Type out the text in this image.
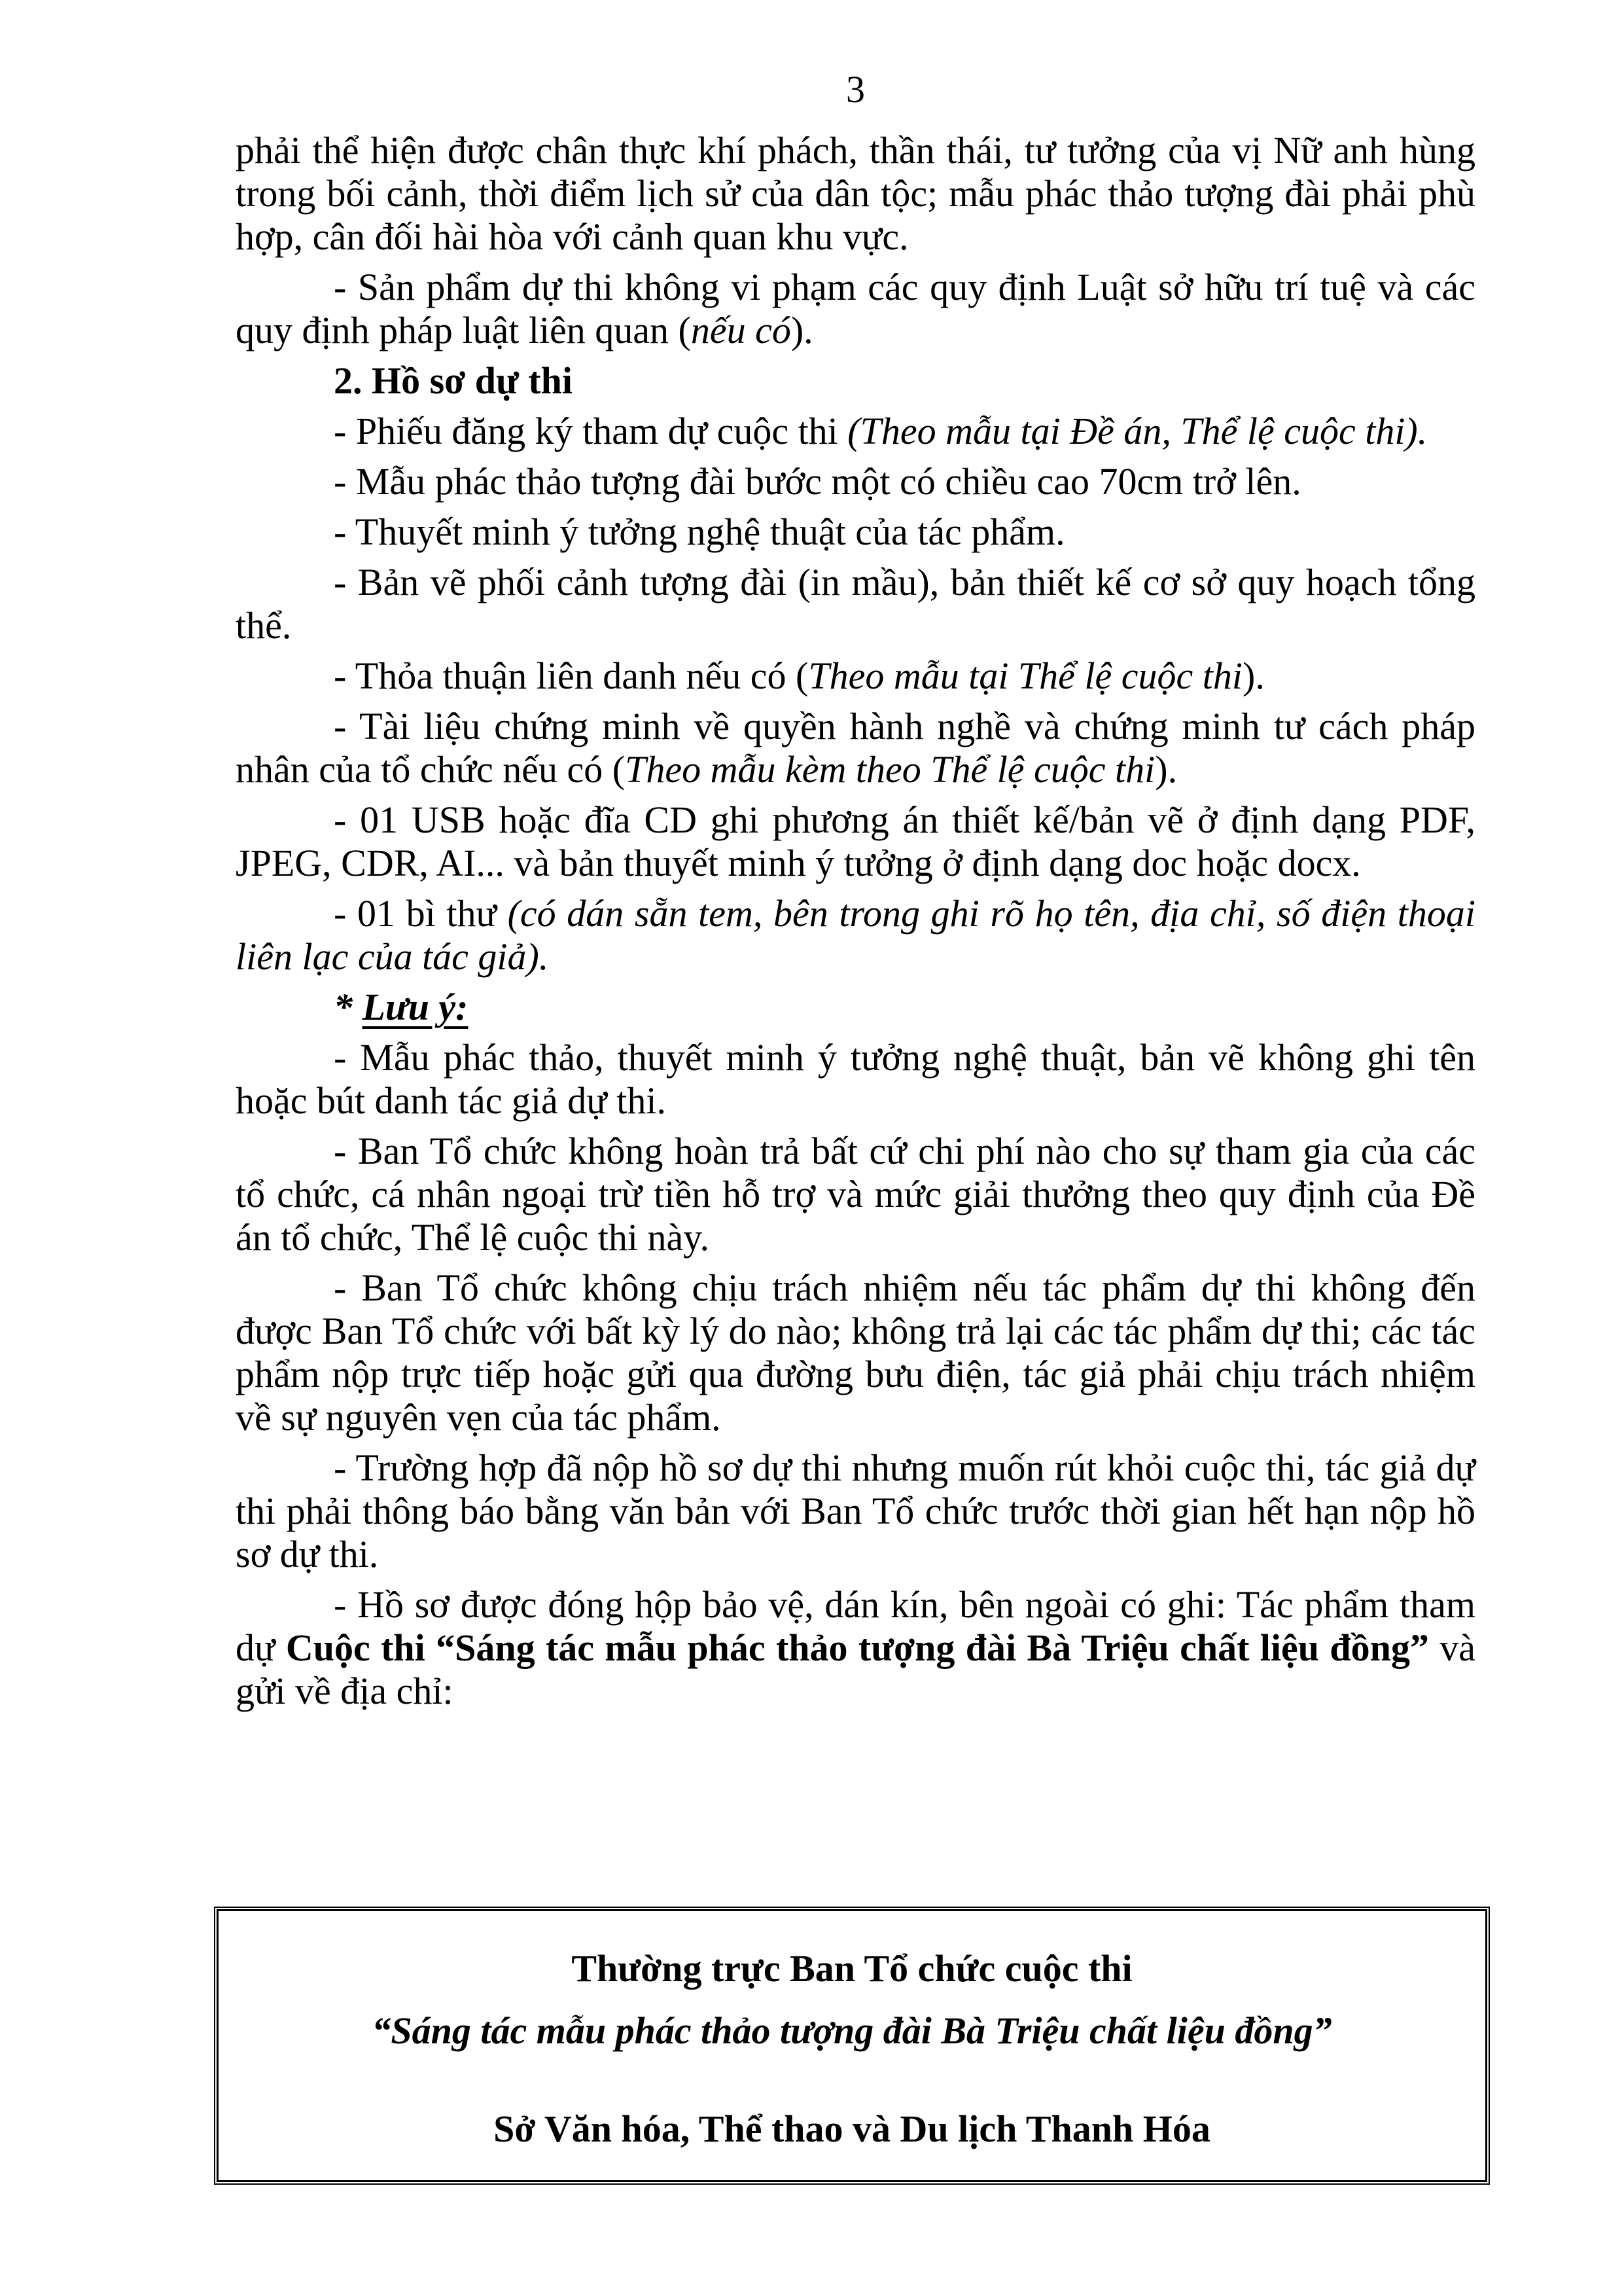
3

phải thể hiện được chân thực khí phách, thần thái, tư tưởng của vị Nữ anh hùng trong bối cảnh, thời điểm lịch sử của dân tộc; mẫu phác thảo tượng đài phải phù hợp, cân đối hài hòa với cảnh quan khu vực.

- Sản phẩm dự thi không vi phạm các quy định Luật sở hữu trí tuệ và các quy định pháp luật liên quan (nếu có).

2. Hồ sơ dự thi

- Phiếu đăng ký tham dự cuộc thi (Theo mẫu tại Đề án, Thể lệ cuộc thi).

- Mẫu phác thảo tượng đài bước một có chiều cao 70cm trở lên.

- Thuyết minh ý tưởng nghệ thuật của tác phẩm.

- Bản vẽ phối cảnh tượng đài (in mầu), bản thiết kế cơ sở quy hoạch tổng thể.

- Thỏa thuận liên danh nếu có (Theo mẫu tại Thể lệ cuộc thi).

- Tài liệu chứng minh về quyền hành nghề và chứng minh tư cách pháp nhân của tổ chức nếu có (Theo mẫu kèm theo Thể lệ cuộc thi).

- 01 USB hoặc đĩa CD ghi phương án thiết kế/bản vẽ ở định dạng PDF, JPEG, CDR, AI... và bản thuyết minh ý tưởng ở định dạng doc hoặc docx.

- 01 bì thư (có dán sẵn tem, bên trong ghi rõ họ tên, địa chỉ, số điện thoại liên lạc của tác giả).

* Lưu ý:

- Mẫu phác thảo, thuyết minh ý tưởng nghệ thuật, bản vẽ không ghi tên hoặc bút danh tác giả dự thi.

- Ban Tổ chức không hoàn trả bất cứ chi phí nào cho sự tham gia của các tổ chức, cá nhân ngoại trừ tiền hỗ trợ và mức giải thưởng theo quy định của Đề án tổ chức, Thể lệ cuộc thi này.

- Ban Tổ chức không chịu trách nhiệm nếu tác phẩm dự thi không đến được Ban Tổ chức với bất kỳ lý do nào; không trả lại các tác phẩm dự thi; các tác phẩm nộp trực tiếp hoặc gửi qua đường bưu điện, tác giả phải chịu trách nhiệm về sự nguyên vẹn của tác phẩm.

- Trường hợp đã nộp hồ sơ dự thi nhưng muốn rút khỏi cuộc thi, tác giả dự thi phải thông báo bằng văn bản với Ban Tổ chức trước thời gian hết hạn nộp hồ sơ dự thi.

- Hồ sơ được đóng hộp bảo vệ, dán kín, bên ngoài có ghi: Tác phẩm tham dự Cuộc thi “Sáng tác mẫu phác thảo tượng đài Bà Triệu chất liệu đồng” và gửi về địa chỉ:

Thường trực Ban Tổ chức cuộc thi

“Sáng tác mẫu phác thảo tượng đài Bà Triệu chất liệu đồng”

Sở Văn hóa, Thể thao và Du lịch Thanh Hóa
